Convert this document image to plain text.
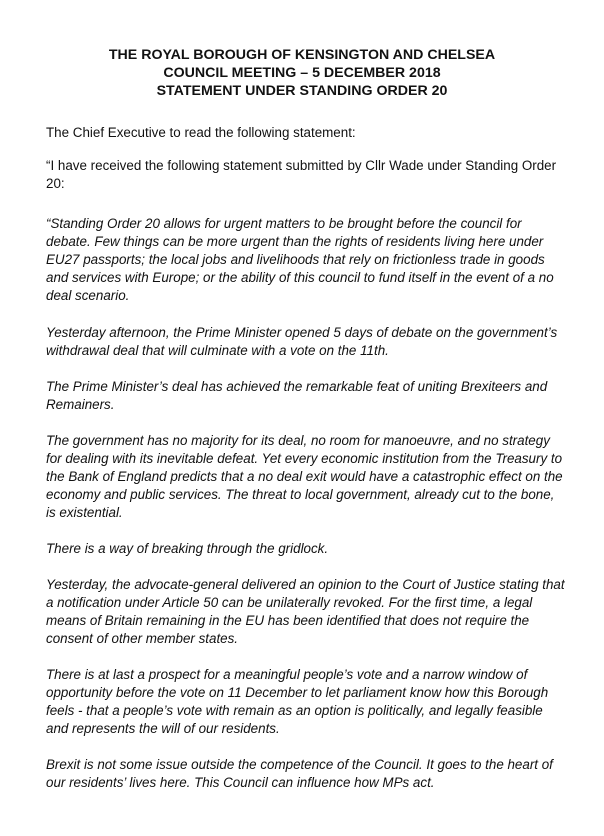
THE ROYAL BOROUGH OF KENSINGTON AND CHELSEA
COUNCIL MEETING – 5 DECEMBER 2018
STATEMENT UNDER STANDING ORDER 20

The Chief Executive to read the following statement:

“I have received the following statement submitted by Cllr Wade under Standing Order 20:

“Standing Order 20 allows for urgent matters to be brought before the council for debate. Few things can be more urgent than the rights of residents living here under EU27 passports; the local jobs and livelihoods that rely on frictionless trade in goods and services with Europe; or the ability of this council to fund itself in the event of a no deal scenario.

Yesterday afternoon, the Prime Minister opened 5 days of debate on the government’s withdrawal deal that will culminate with a vote on the 11th.

The Prime Minister’s deal has achieved the remarkable feat of uniting Brexiteers and Remainers.

The government has no majority for its deal, no room for manoeuvre, and no strategy for dealing with its inevitable defeat. Yet every economic institution from the Treasury to the Bank of England predicts that a no deal exit would have a catastrophic effect on the economy and public services. The threat to local government, already cut to the bone, is existential.

There is a way of breaking through the gridlock.

Yesterday, the advocate-general delivered an opinion to the Court of Justice stating that a notification under Article 50 can be unilaterally revoked. For the first time, a legal means of Britain remaining in the EU has been identified that does not require the consent of other member states.

There is at last a prospect for a meaningful people’s vote and a narrow window of opportunity before the vote on 11 December to let parliament know how this Borough feels - that a people’s vote with remain as an option is politically, and legally feasible and represents the will of our residents.

Brexit is not some issue outside the competence of the Council. It goes to the heart of our residents’ lives here. This Council can influence how MPs act.
